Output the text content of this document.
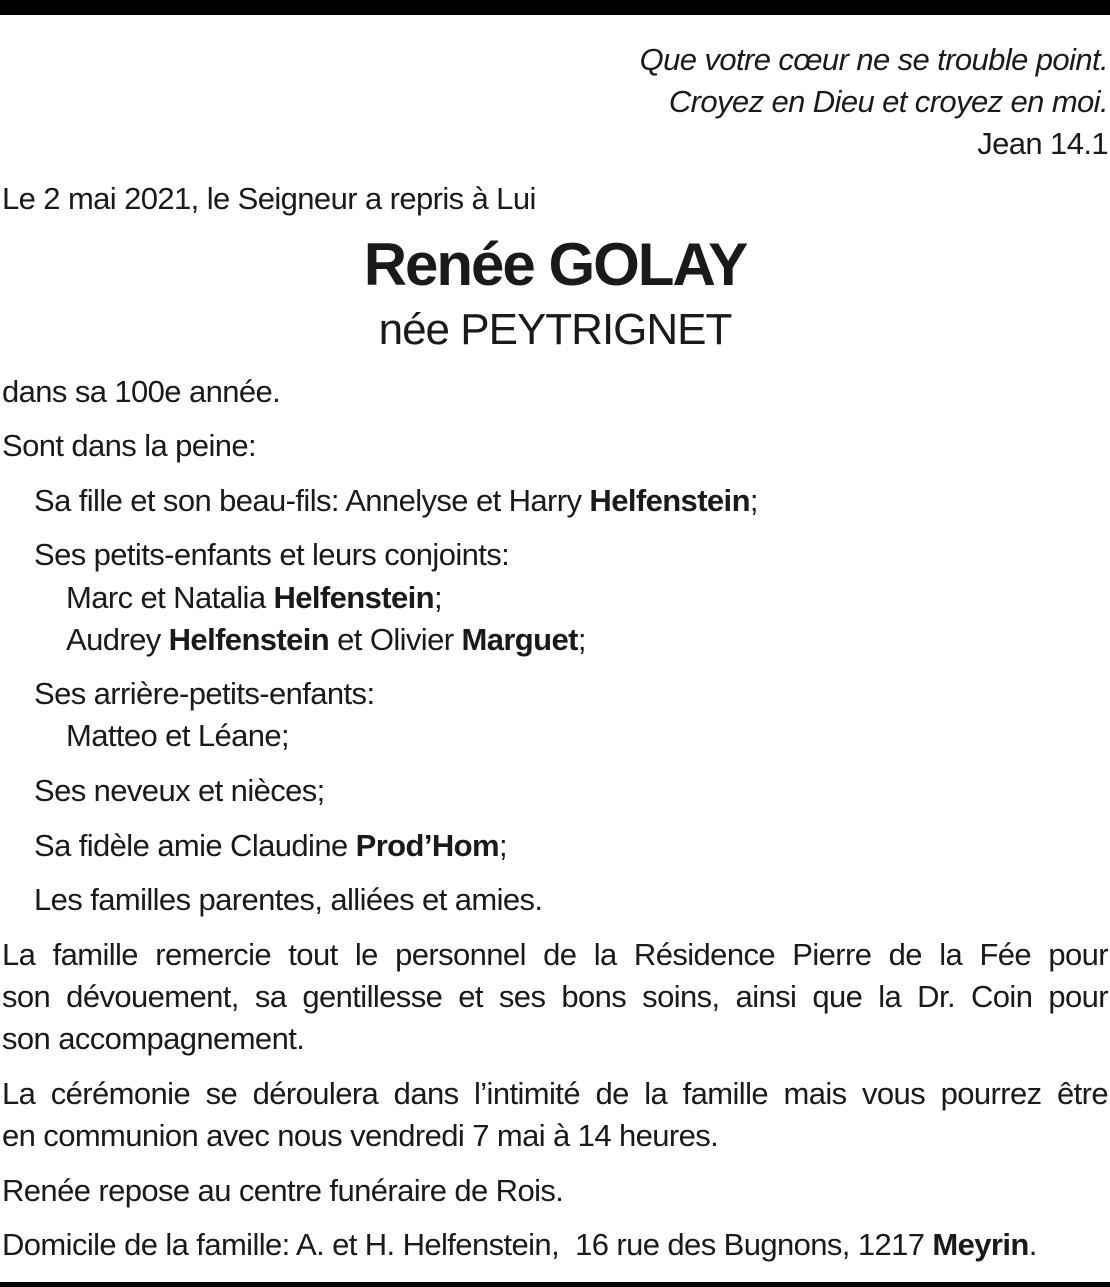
Que votre cœur ne se trouble point.
Croyez en Dieu et croyez en moi.
Jean 14.1
Le 2 mai 2021, le Seigneur a repris à Lui
Renée GOLAY
née PEYTRIGNET
dans sa 100e année.
Sont dans la peine:
Sa fille et son beau-fils: Annelyse et Harry Helfenstein;
Ses petits-enfants et leurs conjoints:
Marc et Natalia Helfenstein;
Audrey Helfenstein et Olivier Marguet;
Ses arrière-petits-enfants:
Matteo et Léane;
Ses neveux et nièces;
Sa fidèle amie Claudine Prod’Hom;
Les familles parentes, alliées et amies.
La famille remercie tout le personnel de la Résidence Pierre de la Fée pour
son dévouement, sa gentillesse et ses bons soins, ainsi que la Dr. Coin pour
son accompagnement.
La cérémonie se déroulera dans l’intimité de la famille mais vous pourrez être
en communion avec nous vendredi 7 mai à 14 heures.
Renée repose au centre funéraire de Rois.
Domicile de la famille: A. et H. Helfenstein,  16 rue des Bugnons, 1217 Meyrin.
